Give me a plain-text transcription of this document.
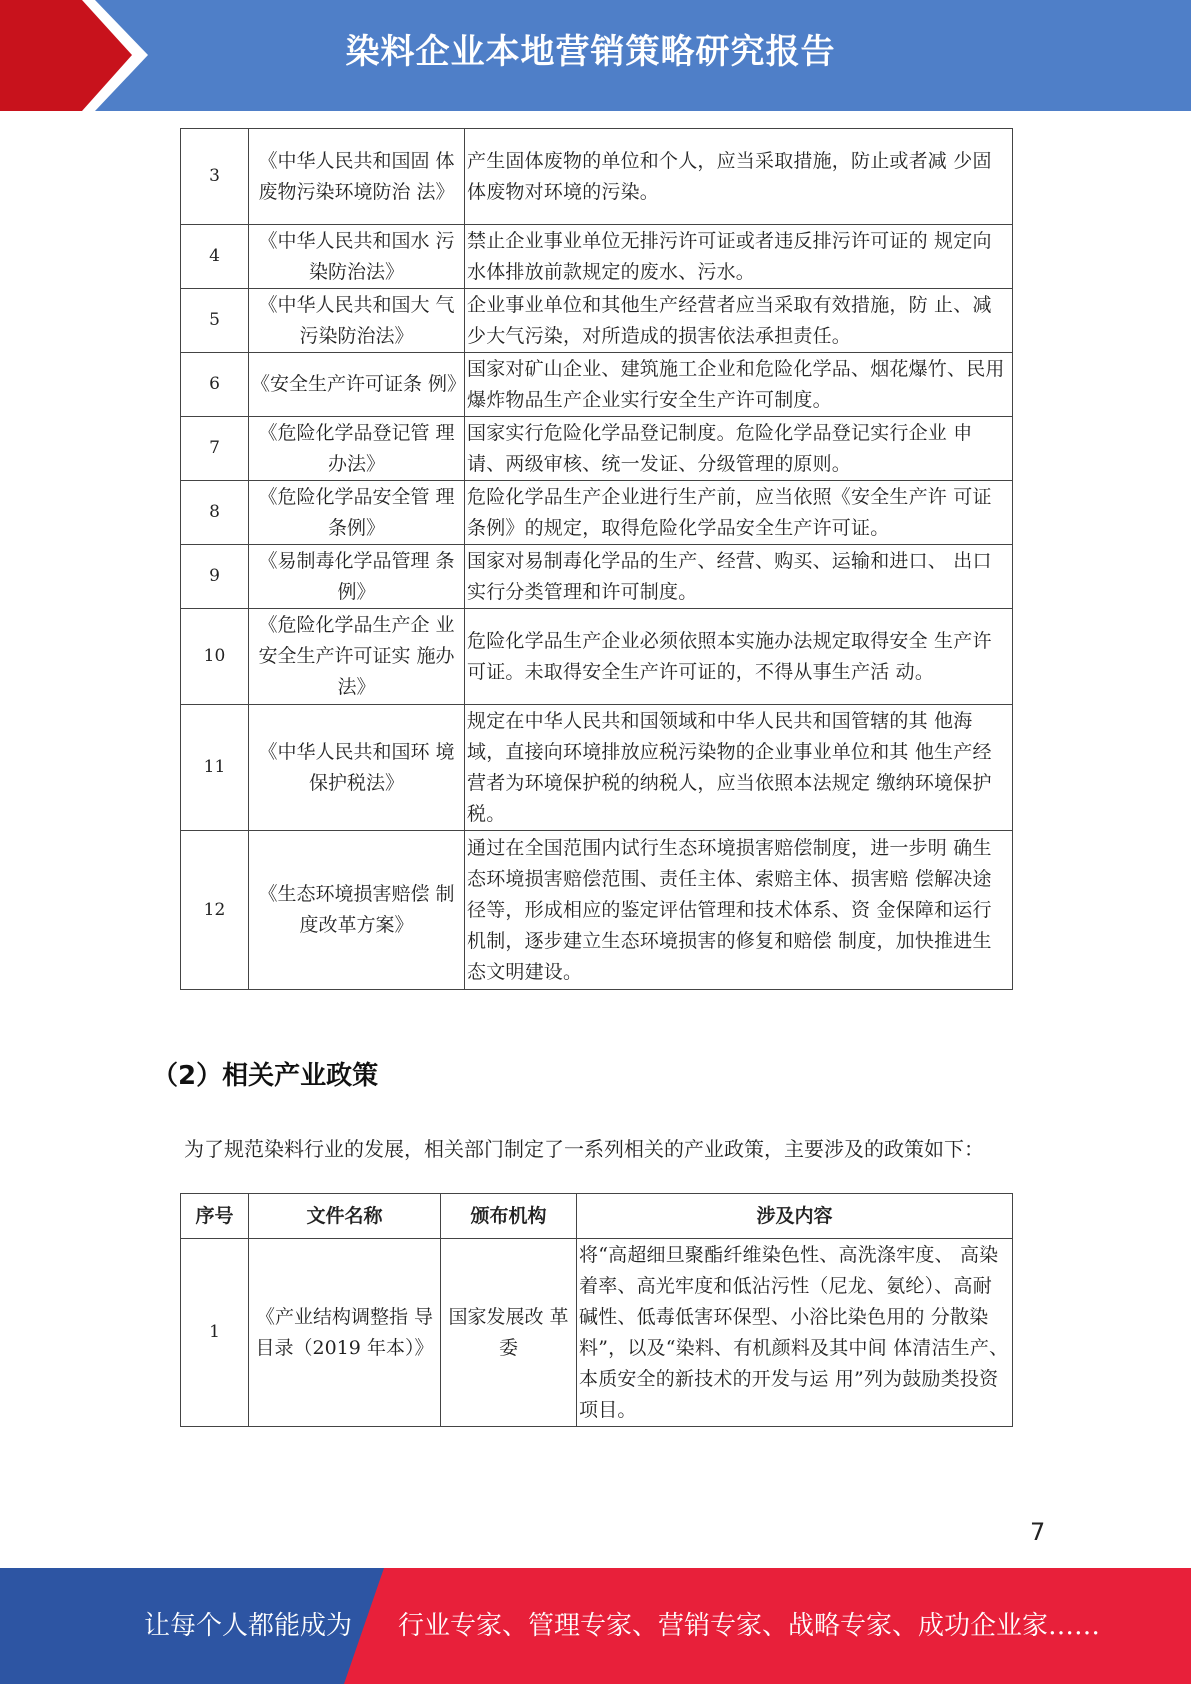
染料企业本地营销策略研究报告
3	《中华人民共和国固 体废物污染环境防治 法》	产生固体废物的单位和个人，应当采取措施，防止或者减 少固体废物对环境的污染。
4	《中华人民共和国水 污染防治法》	禁止企业事业单位无排污许可证或者违反排污许可证的 规定向水体排放前款规定的废水、污水。
5	《中华人民共和国大 气污染防治法》	企业事业单位和其他生产经营者应当采取有效措施，防 止、减少大气污染，对所造成的损害依法承担责任。
6	《安全生产许可证条 例》	国家对矿山企业、建筑施工企业和危险化学品、烟花爆竹、民用爆炸物品生产企业实行安全生产许可制度。
7	《危险化学品登记管 理办法》	国家实行危险化学品登记制度。危险化学品登记实行企业 申请、两级审核、统一发证、分级管理的原则。
8	《危险化学品安全管 理条例》	危险化学品生产企业进行生产前，应当依照《安全生产许 可证条例》的规定，取得危险化学品安全生产许可证。
9	《易制毒化学品管理 条例》	国家对易制毒化学品的生产、经营、购买、运输和进口、 出口实行分类管理和许可制度。
10	《危险化学品生产企 业安全生产许可证实 施办法》	危险化学品生产企业必须依照本实施办法规定取得安全 生产许可证。未取得安全生产许可证的，不得从事生产活 动。
11	《中华人民共和国环 境保护税法》	规定在中华人民共和国领域和中华人民共和国管辖的其 他海域，直接向环境排放应税污染物的企业事业单位和其 他生产经营者为环境保护税的纳税人，应当依照本法规定 缴纳环境保护税。
12	《生态环境损害赔偿 制度改革方案》	通过在全国范围内试行生态环境损害赔偿制度，进一步明 确生态环境损害赔偿范围、责任主体、索赔主体、损害赔 偿解决途径等，形成相应的鉴定评估管理和技术体系、资 金保障和运行机制，逐步建立生态环境损害的修复和赔偿 制度，加快推进生态文明建设。
（2）相关产业政策
为了规范染料行业的发展，相关部门制定了一系列相关的产业政策，主要涉及的政策如下：
序号	文件名称	颁布机构	涉及内容
1	《产业结构调整指 导目录（2019 年本）》	国家发展改 革委	将“高超细旦聚酯纤维染色性、高洗涤牢度、 高染着率、高光牢度和低沾污性（尼龙、氨纶）、高耐碱性、低毒低害环保型、小浴比染色用的 分散染料”，以及“染料、有机颜料及其中间 体清洁生产、本质安全的新技术的开发与运 用”列为鼓励类投资项目。
7
让每个人都能成为 行业专家、管理专家、营销专家、战略专家、成功企业家……
